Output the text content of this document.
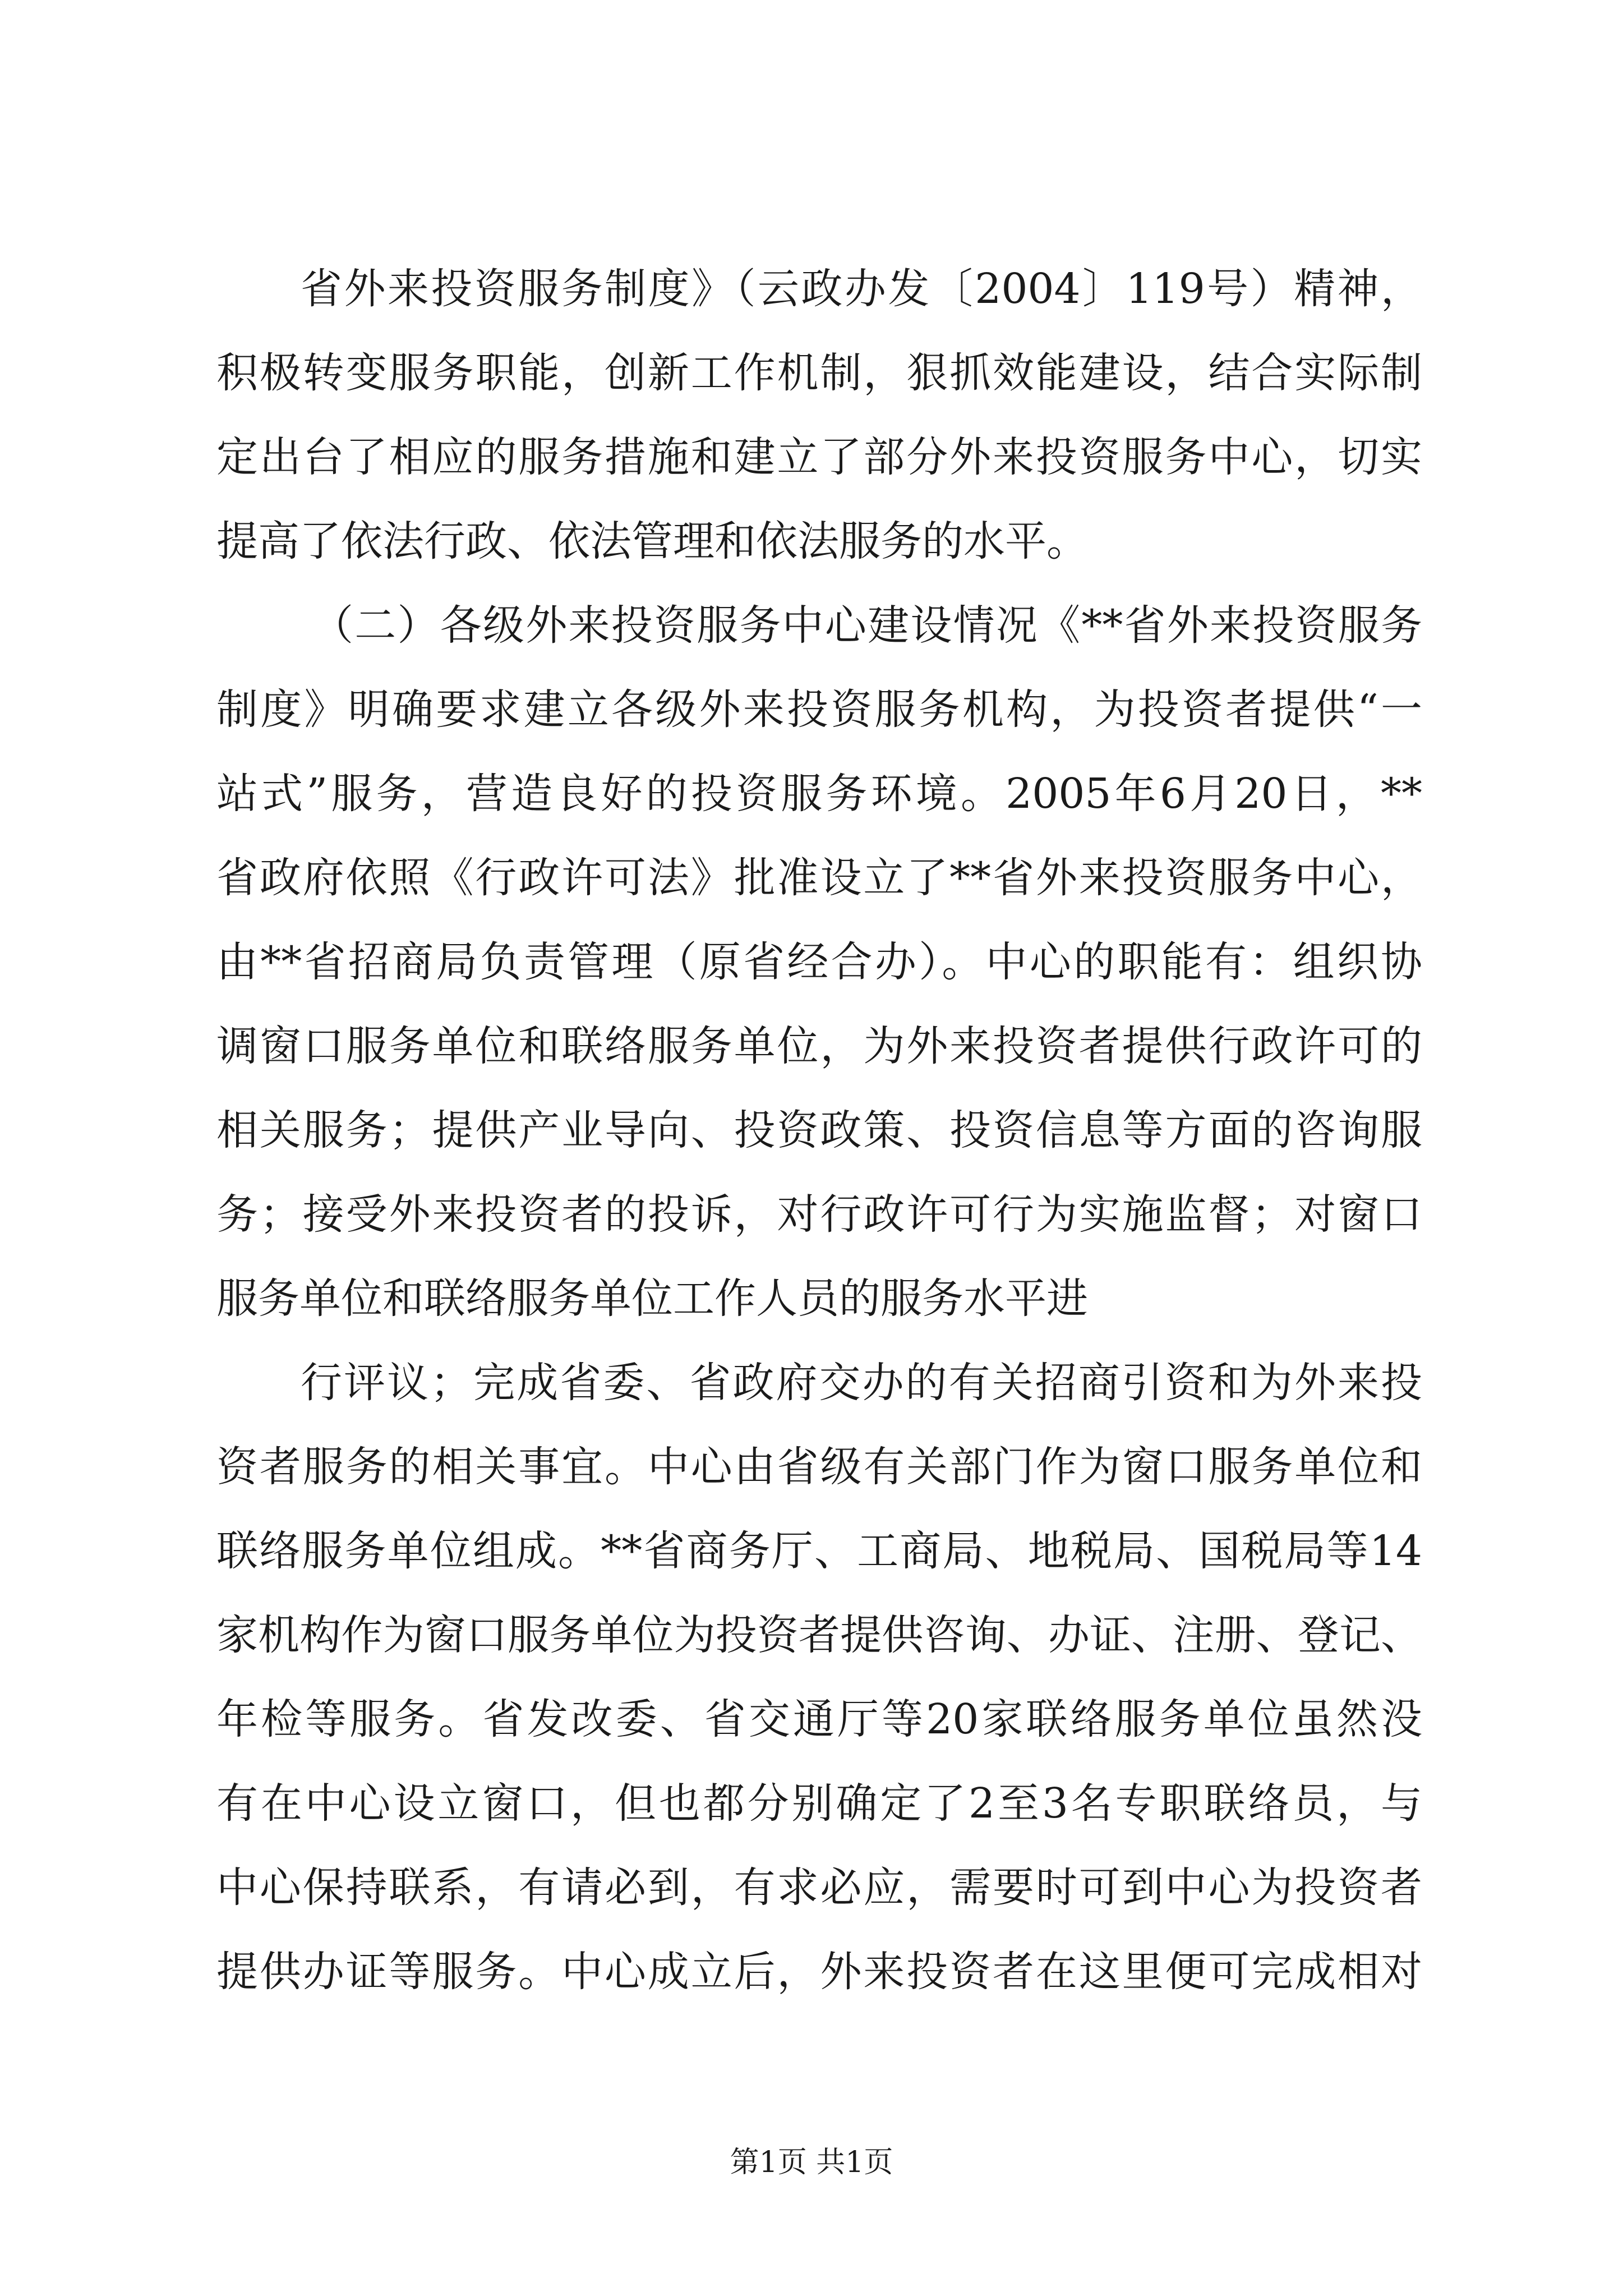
省外来投资服务制度》（云政办发〔2004〕119号）精神，
积极转变服务职能，创新工作机制，狠抓效能建设，结合实际制
定出台了相应的服务措施和建立了部分外来投资服务中心，切实
提高了依法行政、依法管理和依法服务的水平。
（二）各级外来投资服务中心建设情况《**省外来投资服务
制度》明确要求建立各级外来投资服务机构，为投资者提供“一
站式”服务，营造良好的投资服务环境。2005年6月20日，**
省政府依照《行政许可法》批准设立了**省外来投资服务中心，
由**省招商局负责管理（原省经合办）。中心的职能有：组织协
调窗口服务单位和联络服务单位，为外来投资者提供行政许可的
相关服务；提供产业导向、投资政策、投资信息等方面的咨询服
务；接受外来投资者的投诉，对行政许可行为实施监督；对窗口
服务单位和联络服务单位工作人员的服务水平进
行评议；完成省委、省政府交办的有关招商引资和为外来投
资者服务的相关事宜。中心由省级有关部门作为窗口服务单位和
联络服务单位组成。**省商务厅、工商局、地税局、国税局等14
家机构作为窗口服务单位为投资者提供咨询、办证、注册、登记、
年检等服务。省发改委、省交通厅等20家联络服务单位虽然没
有在中心设立窗口，但也都分别确定了2至3名专职联络员，与
中心保持联系，有请必到，有求必应，需要时可到中心为投资者
提供办证等服务。中心成立后，外来投资者在这里便可完成相对
第1页 共1页
